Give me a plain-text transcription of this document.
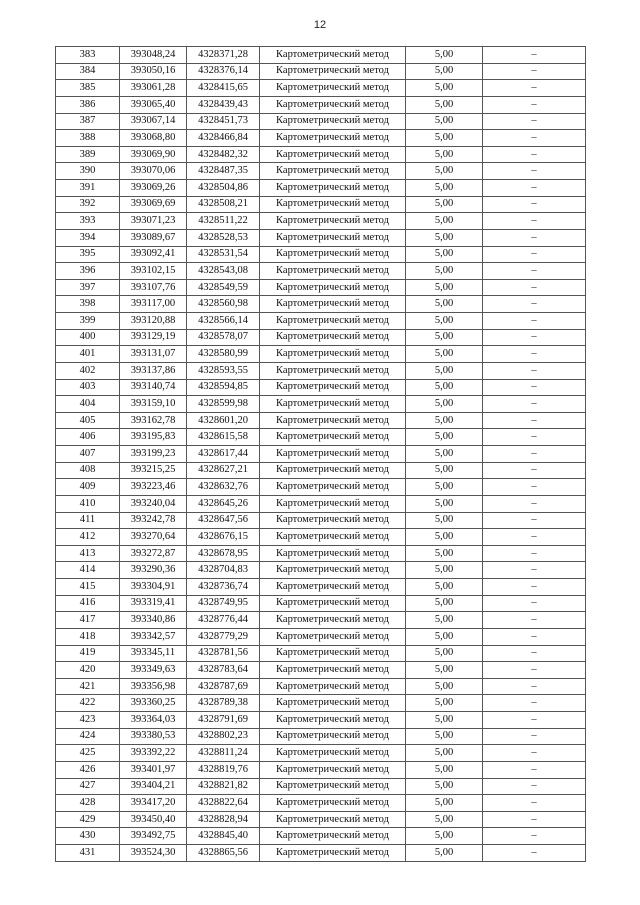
12
383	393048,24	4328371,28	Картометрический метод	5,00	–
384	393050,16	4328376,14	Картометрический метод	5,00	–
385	393061,28	4328415,65	Картометрический метод	5,00	–
386	393065,40	4328439,43	Картометрический метод	5,00	–
387	393067,14	4328451,73	Картометрический метод	5,00	–
388	393068,80	4328466,84	Картометрический метод	5,00	–
389	393069,90	4328482,32	Картометрический метод	5,00	–
390	393070,06	4328487,35	Картометрический метод	5,00	–
391	393069,26	4328504,86	Картометрический метод	5,00	–
392	393069,69	4328508,21	Картометрический метод	5,00	–
393	393071,23	4328511,22	Картометрический метод	5,00	–
394	393089,67	4328528,53	Картометрический метод	5,00	–
395	393092,41	4328531,54	Картометрический метод	5,00	–
396	393102,15	4328543,08	Картометрический метод	5,00	–
397	393107,76	4328549,59	Картометрический метод	5,00	–
398	393117,00	4328560,98	Картометрический метод	5,00	–
399	393120,88	4328566,14	Картометрический метод	5,00	–
400	393129,19	4328578,07	Картометрический метод	5,00	–
401	393131,07	4328580,99	Картометрический метод	5,00	–
402	393137,86	4328593,55	Картометрический метод	5,00	–
403	393140,74	4328594,85	Картометрический метод	5,00	–
404	393159,10	4328599,98	Картометрический метод	5,00	–
405	393162,78	4328601,20	Картометрический метод	5,00	–
406	393195,83	4328615,58	Картометрический метод	5,00	–
407	393199,23	4328617,44	Картометрический метод	5,00	–
408	393215,25	4328627,21	Картометрический метод	5,00	–
409	393223,46	4328632,76	Картометрический метод	5,00	–
410	393240,04	4328645,26	Картометрический метод	5,00	–
411	393242,78	4328647,56	Картометрический метод	5,00	–
412	393270,64	4328676,15	Картометрический метод	5,00	–
413	393272,87	4328678,95	Картометрический метод	5,00	–
414	393290,36	4328704,83	Картометрический метод	5,00	–
415	393304,91	4328736,74	Картометрический метод	5,00	–
416	393319,41	4328749,95	Картометрический метод	5,00	–
417	393340,86	4328776,44	Картометрический метод	5,00	–
418	393342,57	4328779,29	Картометрический метод	5,00	–
419	393345,11	4328781,56	Картометрический метод	5,00	–
420	393349,63	4328783,64	Картометрический метод	5,00	–
421	393356,98	4328787,69	Картометрический метод	5,00	–
422	393360,25	4328789,38	Картометрический метод	5,00	–
423	393364,03	4328791,69	Картометрический метод	5,00	–
424	393380,53	4328802,23	Картометрический метод	5,00	–
425	393392,22	4328811,24	Картометрический метод	5,00	–
426	393401,97	4328819,76	Картометрический метод	5,00	–
427	393404,21	4328821,82	Картометрический метод	5,00	–
428	393417,20	4328822,64	Картометрический метод	5,00	–
429	393450,40	4328828,94	Картометрический метод	5,00	–
430	393492,75	4328845,40	Картометрический метод	5,00	–
431	393524,30	4328865,56	Картометрический метод	5,00	–
